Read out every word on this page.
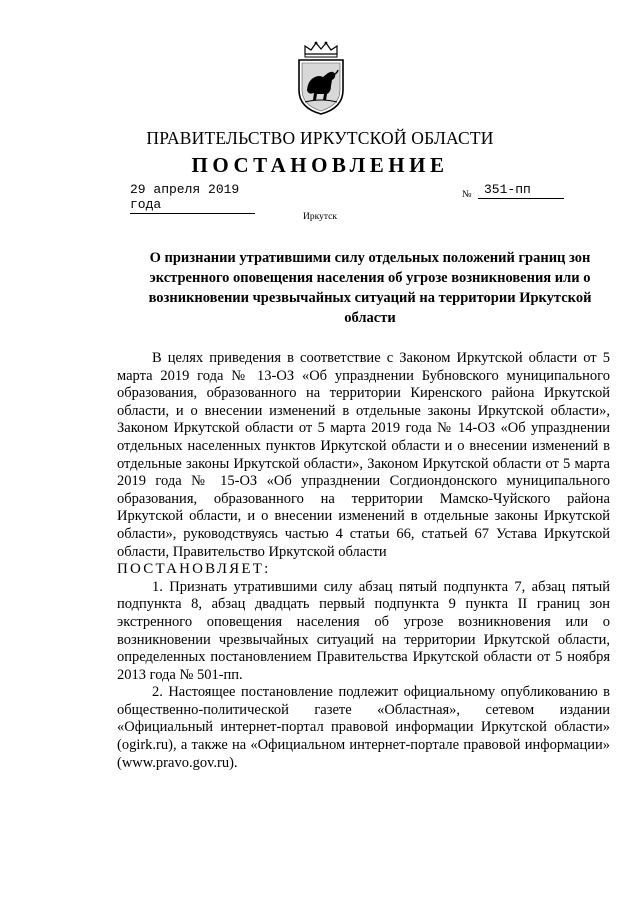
ПРАВИТЕЛЬСТВО ИРКУТСКОЙ ОБЛАСТИ
ПОСТАНОВЛЕНИЕ
29 апреля 2019 года
№ 351-пп
Иркутск
О признании утратившими силу отдельных положений границ зон экстренного оповещения населения об угрозе возникновения или о возникновении чрезвычайных ситуаций на территории Иркутской области

В целях приведения в соответствие с Законом Иркутской области от 5 марта 2019 года № 13-ОЗ «Об упразднении Бубновского муниципального образования, образованного на территории Киренского района Иркутской области, и о внесении изменений в отдельные законы Иркутской области», Законом Иркутской области от 5 марта 2019 года № 14-ОЗ «Об упразднении отдельных населенных пунктов Иркутской области и о внесении изменений в отдельные законы Иркутской области», Законом Иркутской области от 5 марта 2019 года № 15-ОЗ «Об упразднении Согдиондонского муниципального образования, образованного на территории Мамско-Чуйского района Иркутской области, и о внесении изменений в отдельные законы Иркутской области», руководствуясь частью 4 статьи 66, статьей 67 Устава Иркутской области, Правительство Иркутской области

ПОСТАНОВЛЯЕТ:

1. Признать утратившими силу абзац пятый подпункта 7, абзац пятый подпункта 8, абзац двадцать первый подпункта 9 пункта II границ зон экстренного оповещения населения об угрозе возникновения или о возникновении чрезвычайных ситуаций на территории Иркутской области, определенных постановлением Правительства Иркутской области от 5 ноября 2013 года № 501-пп.

2. Настоящее постановление подлежит официальному опубликованию в общественно-политической газете «Областная», сетевом издании «Официальный интернет-портал правовой информации Иркутской области» (ogirk.ru), а также на «Официальном интернет-портале правовой информации» (www.pravo.gov.ru).
